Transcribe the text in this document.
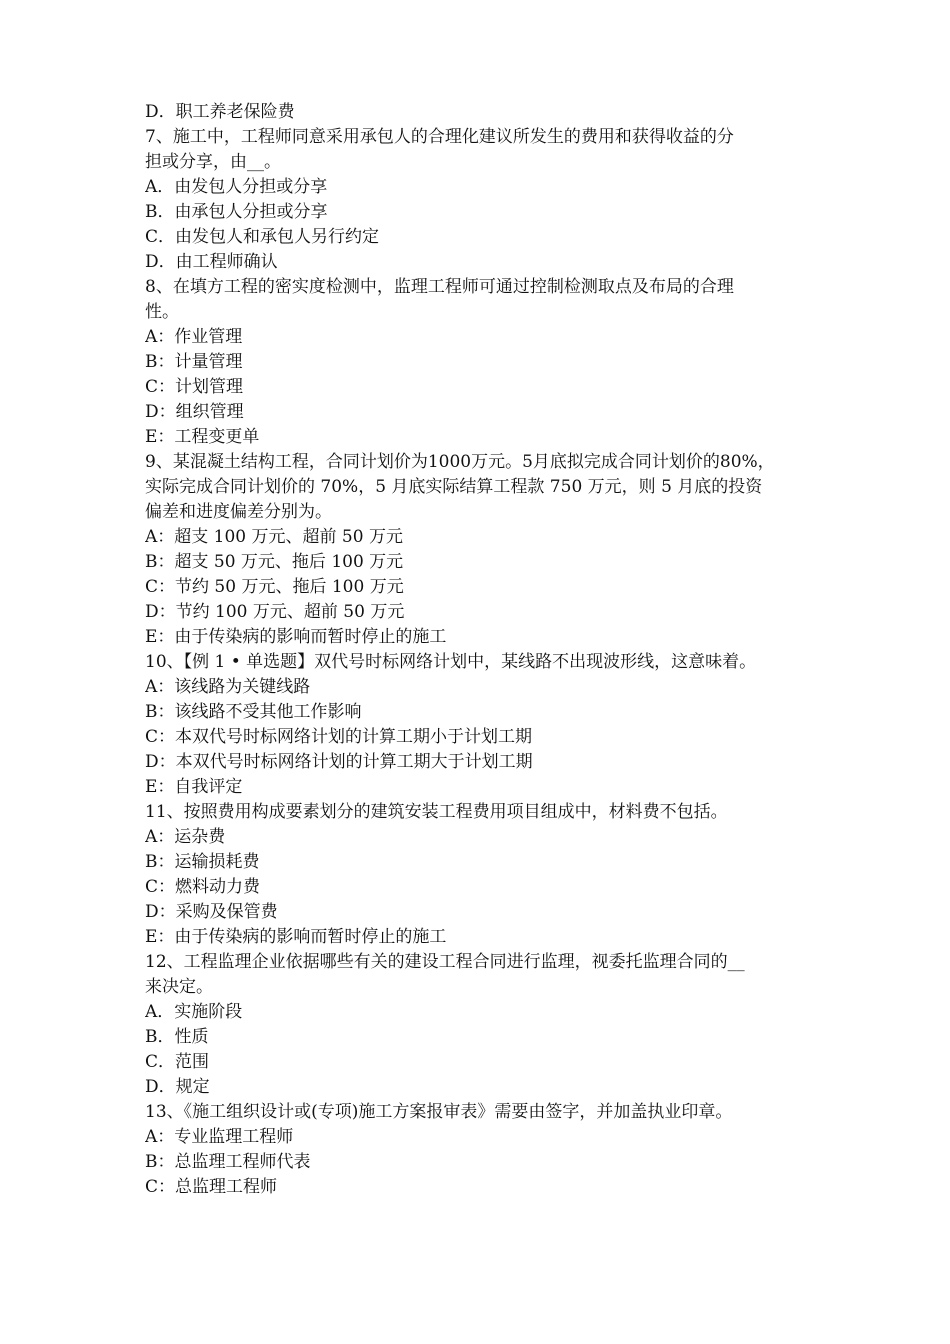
D．职工养老保险费
7、施工中，工程师同意采用承包人的合理化建议所发生的费用和获得收益的分
担或分享，由__。
A．由发包人分担或分享
B．由承包人分担或分享
C．由发包人和承包人另行约定
D．由工程师确认
8、在填方工程的密实度检测中，监理工程师可通过控制检测取点及布局的合理
性。
A：作业管理
B：计量管理
C：计划管理
D：组织管理
E：工程变更单
9、某混凝土结构工程，合同计划价为1000万元。5月底拟完成合同计划价的80%，
实际完成合同计划价的 70%，5 月底实际结算工程款 750 万元，则 5 月底的投资
偏差和进度偏差分别为。
A：超支 100 万元、超前 50 万元
B：超支 50 万元、拖后 100 万元
C：节约 50 万元、拖后 100 万元
D：节约 100 万元、超前 50 万元
E：由于传染病的影响而暂时停止的施工
10、【例 1 • 单选题】双代号时标网络计划中，某线路不出现波形线，这意味着。
A：该线路为关键线路
B：该线路不受其他工作影响
C：本双代号时标网络计划的计算工期小于计划工期
D：本双代号时标网络计划的计算工期大于计划工期
E：自我评定
11、按照费用构成要素划分的建筑安装工程费用项目组成中，材料费不包括。
A：运杂费
B：运输损耗费
C：燃料动力费
D：采购及保管费
E：由于传染病的影响而暂时停止的施工
12、工程监理企业依据哪些有关的建设工程合同进行监理，视委托监理合同的__
来决定。
A．实施阶段
B．性质
C．范围
D．规定
13、《施工组织设计或(专项)施工方案报审表》需要由签字，并加盖执业印章。
A：专业监理工程师
B：总监理工程师代表
C：总监理工程师
